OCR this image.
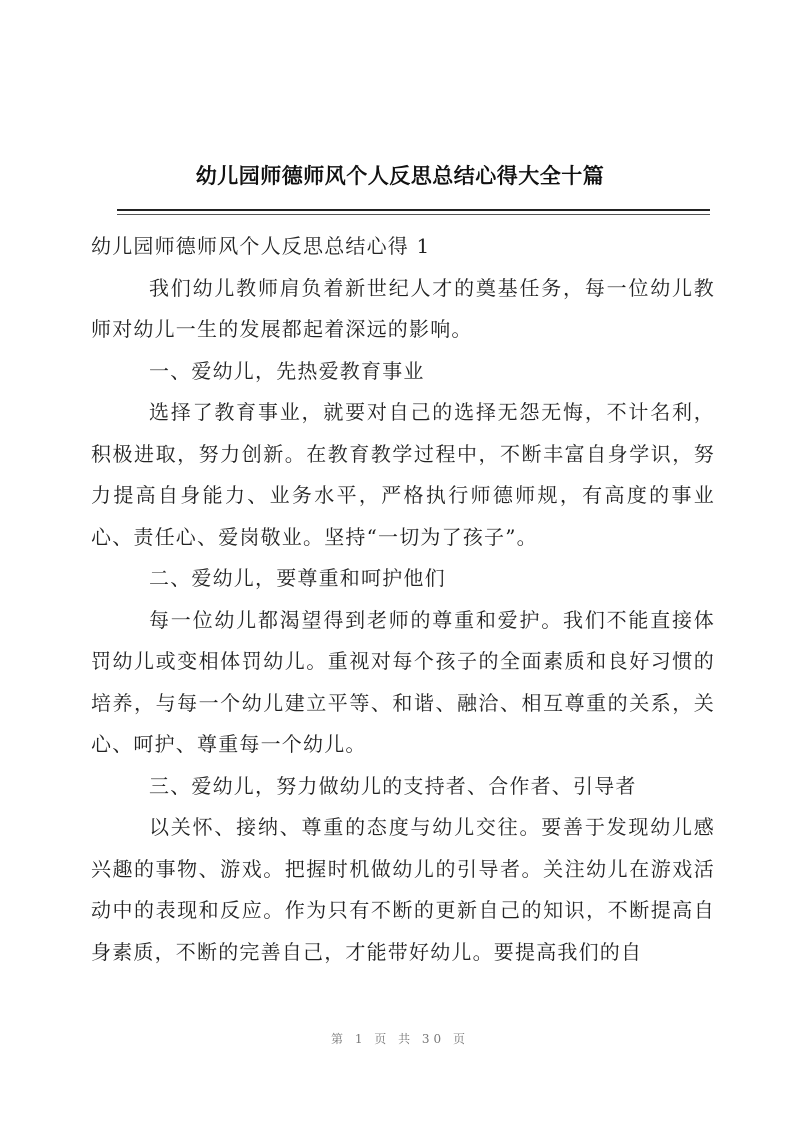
幼儿园师德师风个人反思总结心得大全十篇

幼儿园师德师风个人反思总结心得 1

我们幼儿教师肩负着新世纪人才的奠基任务，每一位幼儿教师对幼儿一生的发展都起着深远的影响。

一、爱幼儿，先热爱教育事业

选择了教育事业，就要对自己的选择无怨无悔，不计名利，积极进取，努力创新。在教育教学过程中，不断丰富自身学识，努力提高自身能力、业务水平，严格执行师德师规，有高度的事业心、责任心、爱岗敬业。坚持“一切为了孩子”。

二、爱幼儿，要尊重和呵护他们

每一位幼儿都渴望得到老师的尊重和爱护。我们不能直接体罚幼儿或变相体罚幼儿。重视对每个孩子的全面素质和良好习惯的培养，与每一个幼儿建立平等、和谐、融洽、相互尊重的关系，关心、呵护、尊重每一个幼儿。

三、爱幼儿，努力做幼儿的支持者、合作者、引导者

以关怀、接纳、尊重的态度与幼儿交往。要善于发现幼儿感兴趣的事物、游戏。把握时机做幼儿的引导者。关注幼儿在游戏活动中的表现和反应。作为只有不断的更新自己的知识，不断提高自身素质，不断的完善自己，才能带好幼儿。要提高我们的自

第 1 页 共 30 页
